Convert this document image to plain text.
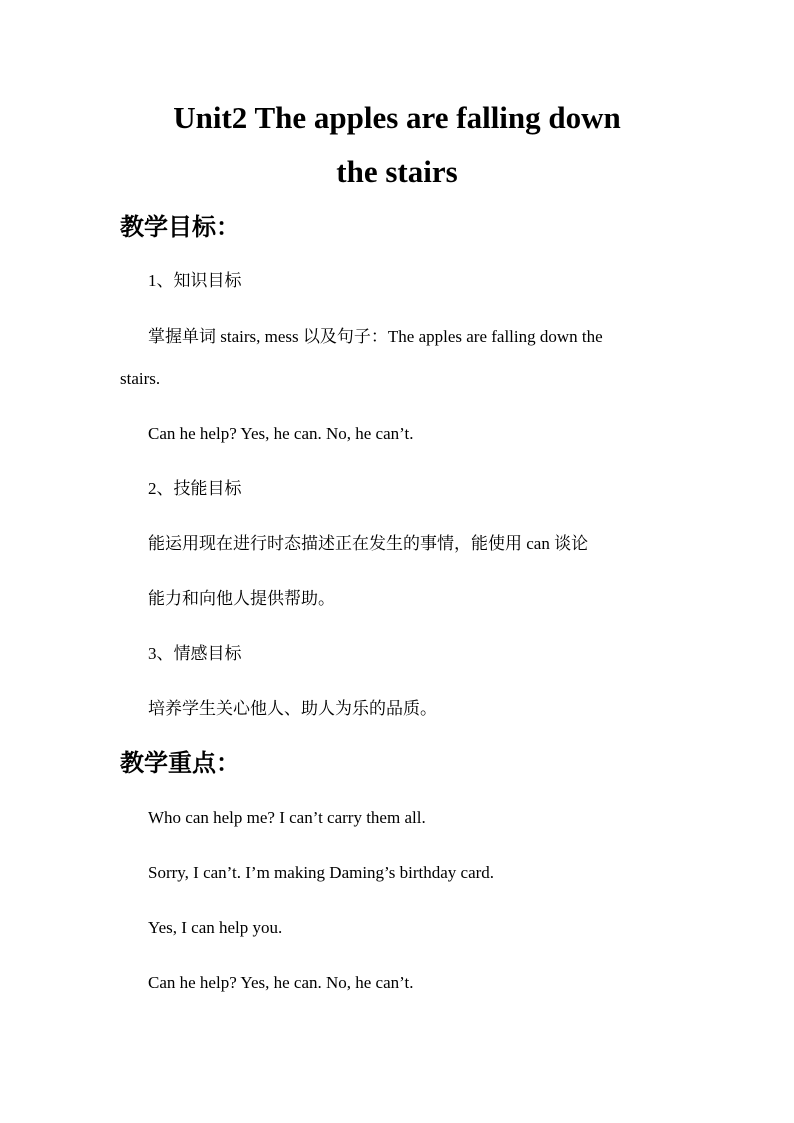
Unit2 The apples are falling down
the stairs
教学目标：

1、知识目标

掌握单词 stairs, mess 以及句子：The apples are falling down the

stairs.

Can he help? Yes, he can. No, he can’t.

2、技能目标

能运用现在进行时态描述正在发生的事情，能使用 can 谈论

能力和向他人提供帮助。

3、情感目标

培养学生关心他人、助人为乐的品质。

教学重点：

Who can help me? I can’t carry them all.

Sorry, I can’t. I’m making Daming’s birthday card.

Yes, I can help you.

Can he help? Yes, he can. No, he can’t.
